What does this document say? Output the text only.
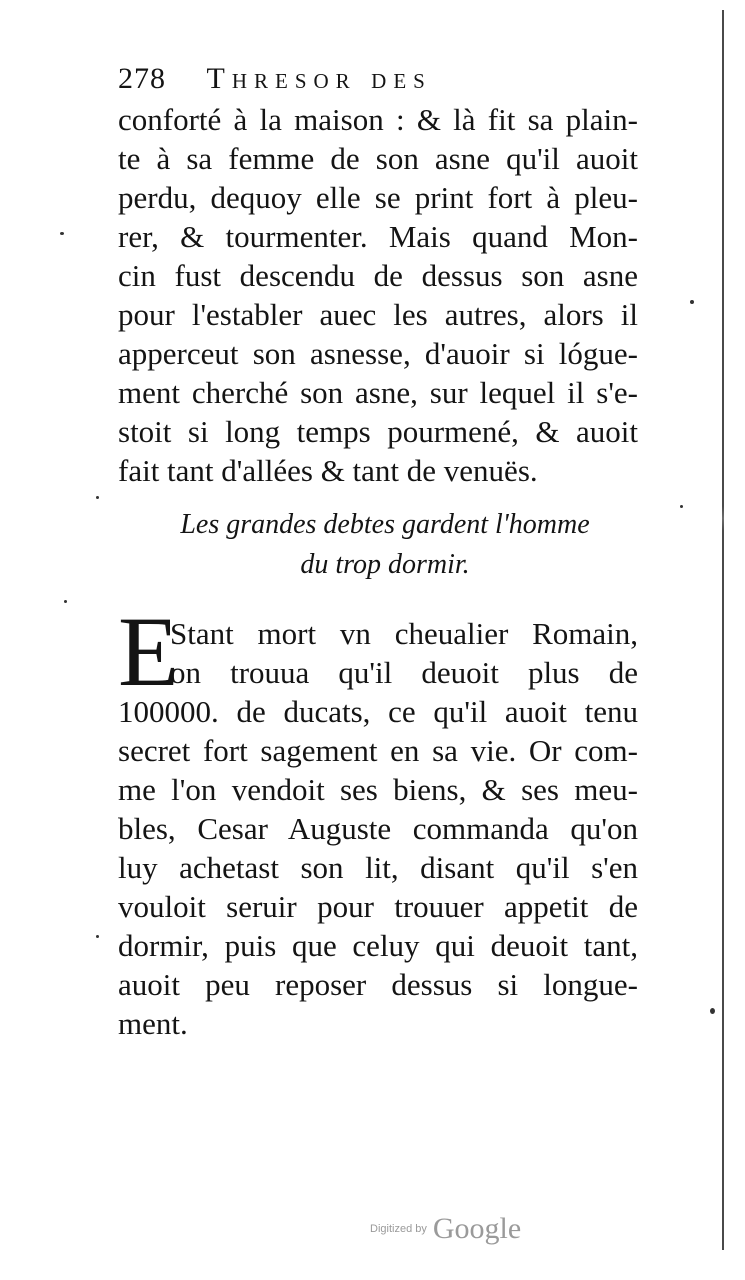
278 Thresor des
conforté à la maison : & là fit sa plain-
te à sa femme de son asne qu'il auoit
perdu, dequoy elle se print fort à pleu-
rer, & tourmenter. Mais quand Mon-
cin fust descendu de dessus son asne
pour l'establer auec les autres, alors il
apperceut son asnesse, d'auoir si lógue-
ment cherché son asne, sur lequel il s'e-
stoit si long temps pourmené, & auoit
fait tant d'allées & tant de venuës.
Les grandes debtes gardent l'homme
du trop dormir.
E
Stant mort vn cheualier Romain,
on trouua qu'il deuoit plus de
100000. de ducats, ce qu'il auoit tenu
secret fort sagement en sa vie. Or com-
me l'on vendoit ses biens, & ses meu-
bles, Cesar Auguste commanda qu'on
luy achetast son lit, disant qu'il s'en
vouloit seruir pour trouuer appetit de
dormir, puis que celuy qui deuoit tant,
auoit peu reposer dessus si longue-
ment.
Digitized by Google
